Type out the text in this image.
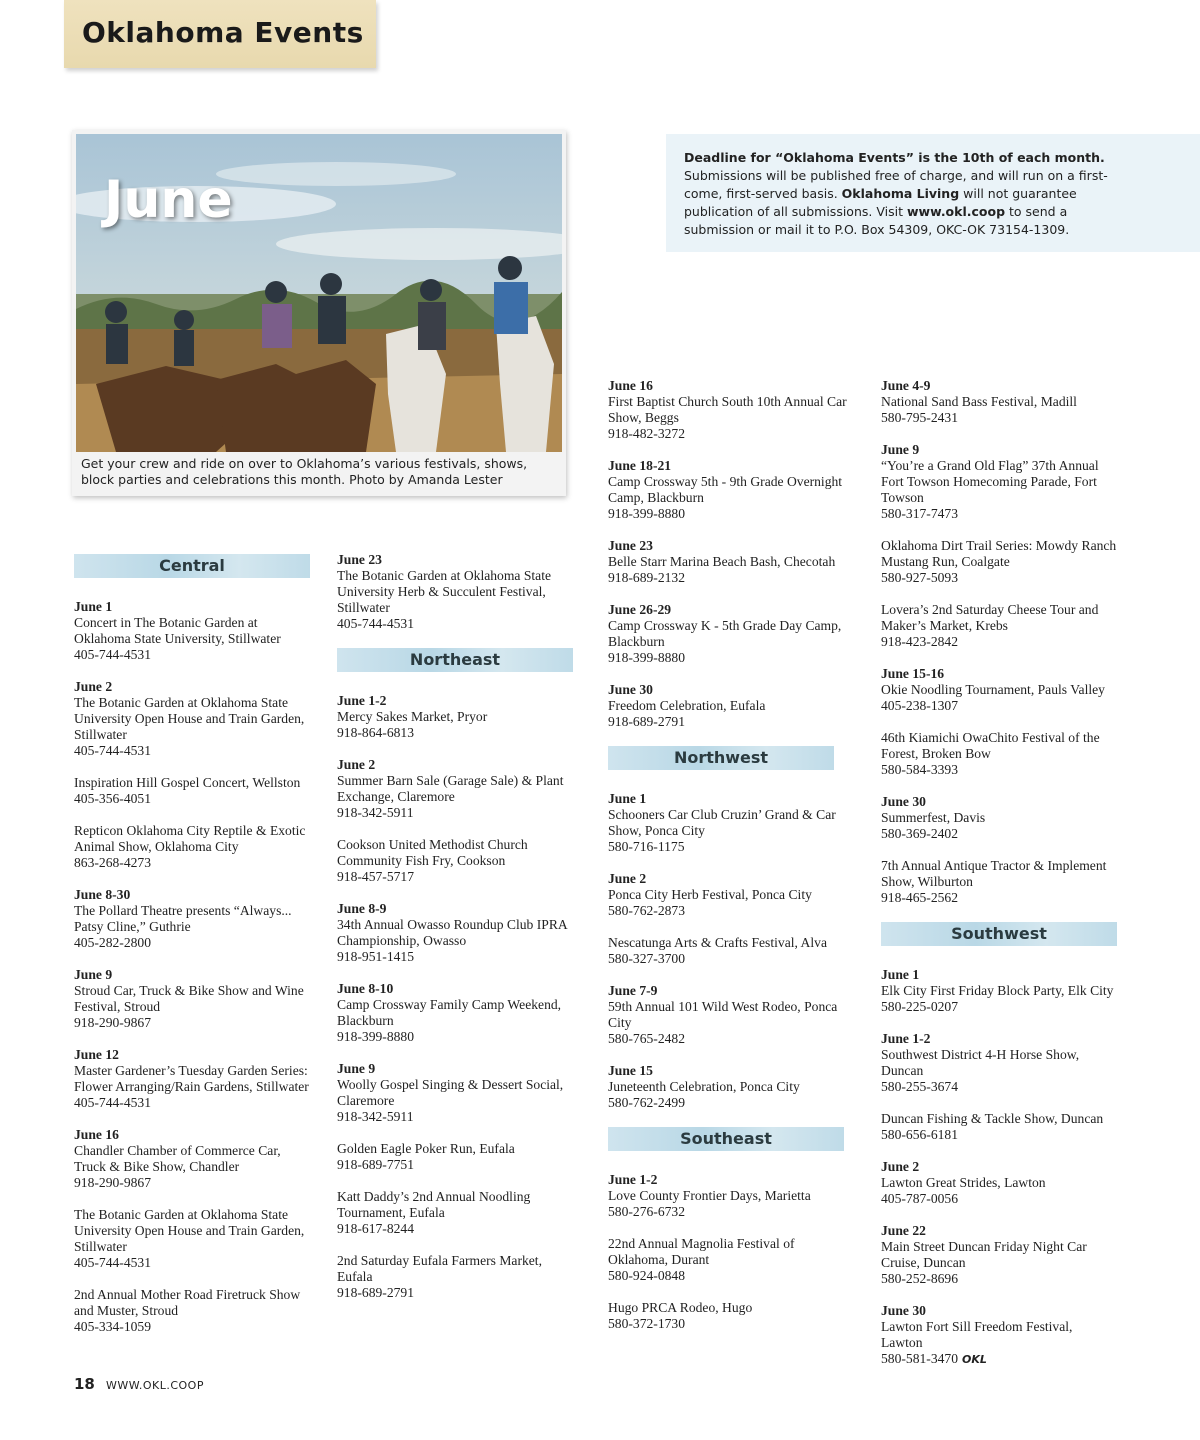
Oklahoma Events
June
Get your crew and ride on over to Oklahoma’s various festivals, shows, block parties and celebrations this month. Photo by Amanda Lester
Deadline for “Oklahoma Events” is the 10th of each month.
Submissions will be published free of charge, and will run on a first-come, first-served basis. Oklahoma Living will not guarantee publication of all submissions. Visit www.okl.coop to send a submission or mail it to P.O. Box 54309, OKC-OK 73154-1309.
Central
June 1
Concert in The Botanic Garden at Oklahoma State University, Stillwater
405-744-4531
June 2
The Botanic Garden at Oklahoma State University Open House and Train Garden, Stillwater
405-744-4531
Inspiration Hill Gospel Concert, Wellston
405-356-4051
Repticon Oklahoma City Reptile & Exotic Animal Show, Oklahoma City
863-268-4273
June 8-30
The Pollard Theatre presents “Always... Patsy Cline,” Guthrie
405-282-2800
June 9
Stroud Car, Truck & Bike Show and Wine Festival, Stroud
918-290-9867
June 12
Master Gardener’s Tuesday Garden Series: Flower Arranging/Rain Gardens, Stillwater
405-744-4531
June 16
Chandler Chamber of Commerce Car, Truck & Bike Show, Chandler
918-290-9867
The Botanic Garden at Oklahoma State University Open House and Train Garden, Stillwater
405-744-4531
2nd Annual Mother Road Firetruck Show and Muster, Stroud
405-334-1059
June 23
The Botanic Garden at Oklahoma State University Herb & Succulent Festival, Stillwater
405-744-4531
Northeast
June 1-2
Mercy Sakes Market, Pryor
918-864-6813
June 2
Summer Barn Sale (Garage Sale) & Plant Exchange, Claremore
918-342-5911
Cookson United Methodist Church Community Fish Fry, Cookson
918-457-5717
June 8-9
34th Annual Owasso Roundup Club IPRA Championship, Owasso
918-951-1415
June 8-10
Camp Crossway Family Camp Weekend, Blackburn
918-399-8880
June 9
Woolly Gospel Singing & Dessert Social, Claremore
918-342-5911
Golden Eagle Poker Run, Eufala
918-689-7751
Katt Daddy’s 2nd Annual Noodling Tournament, Eufala
918-617-8244
2nd Saturday Eufala Farmers Market, Eufala
918-689-2791
June 16
First Baptist Church South 10th Annual Car Show, Beggs
918-482-3272
June 18-21
Camp Crossway 5th - 9th Grade Overnight Camp, Blackburn
918-399-8880
June 23
Belle Starr Marina Beach Bash, Checotah
918-689-2132
June 26-29
Camp Crossway K - 5th Grade Day Camp, Blackburn
918-399-8880
June 30
Freedom Celebration, Eufala
918-689-2791
Northwest
June 1
Schooners Car Club Cruzin’ Grand & Car Show, Ponca City
580-716-1175
June 2
Ponca City Herb Festival, Ponca City
580-762-2873
Nescatunga Arts & Crafts Festival, Alva
580-327-3700
June 7-9
59th Annual 101 Wild West Rodeo, Ponca City
580-765-2482
June 15
Juneteenth Celebration, Ponca City
580-762-2499
Southeast
June 1-2
Love County Frontier Days, Marietta
580-276-6732
22nd Annual Magnolia Festival of Oklahoma, Durant
580-924-0848
Hugo PRCA Rodeo, Hugo
580-372-1730
June 4-9
National Sand Bass Festival, Madill
580-795-2431
June 9
“You’re a Grand Old Flag” 37th Annual Fort Towson Homecoming Parade, Fort Towson
580-317-7473
Oklahoma Dirt Trail Series: Mowdy Ranch Mustang Run, Coalgate
580-927-5093
Lovera’s 2nd Saturday Cheese Tour and Maker’s Market, Krebs
918-423-2842
June 15-16
Okie Noodling Tournament, Pauls Valley
405-238-1307
46th Kiamichi OwaChito Festival of the Forest, Broken Bow
580-584-3393
June 30
Summerfest, Davis
580-369-2402
7th Annual Antique Tractor & Implement Show, Wilburton
918-465-2562
Southwest
June 1
Elk City First Friday Block Party, Elk City
580-225-0207
June 1-2
Southwest District 4-H Horse Show, Duncan
580-255-3674
Duncan Fishing & Tackle Show, Duncan
580-656-6181
June 2
Lawton Great Strides, Lawton
405-787-0056
June 22
Main Street Duncan Friday Night Car Cruise, Duncan
580-252-8696
June 30
Lawton Fort Sill Freedom Festival, Lawton
580-581-3470 OKL
18 WWW.OKL.COOP
